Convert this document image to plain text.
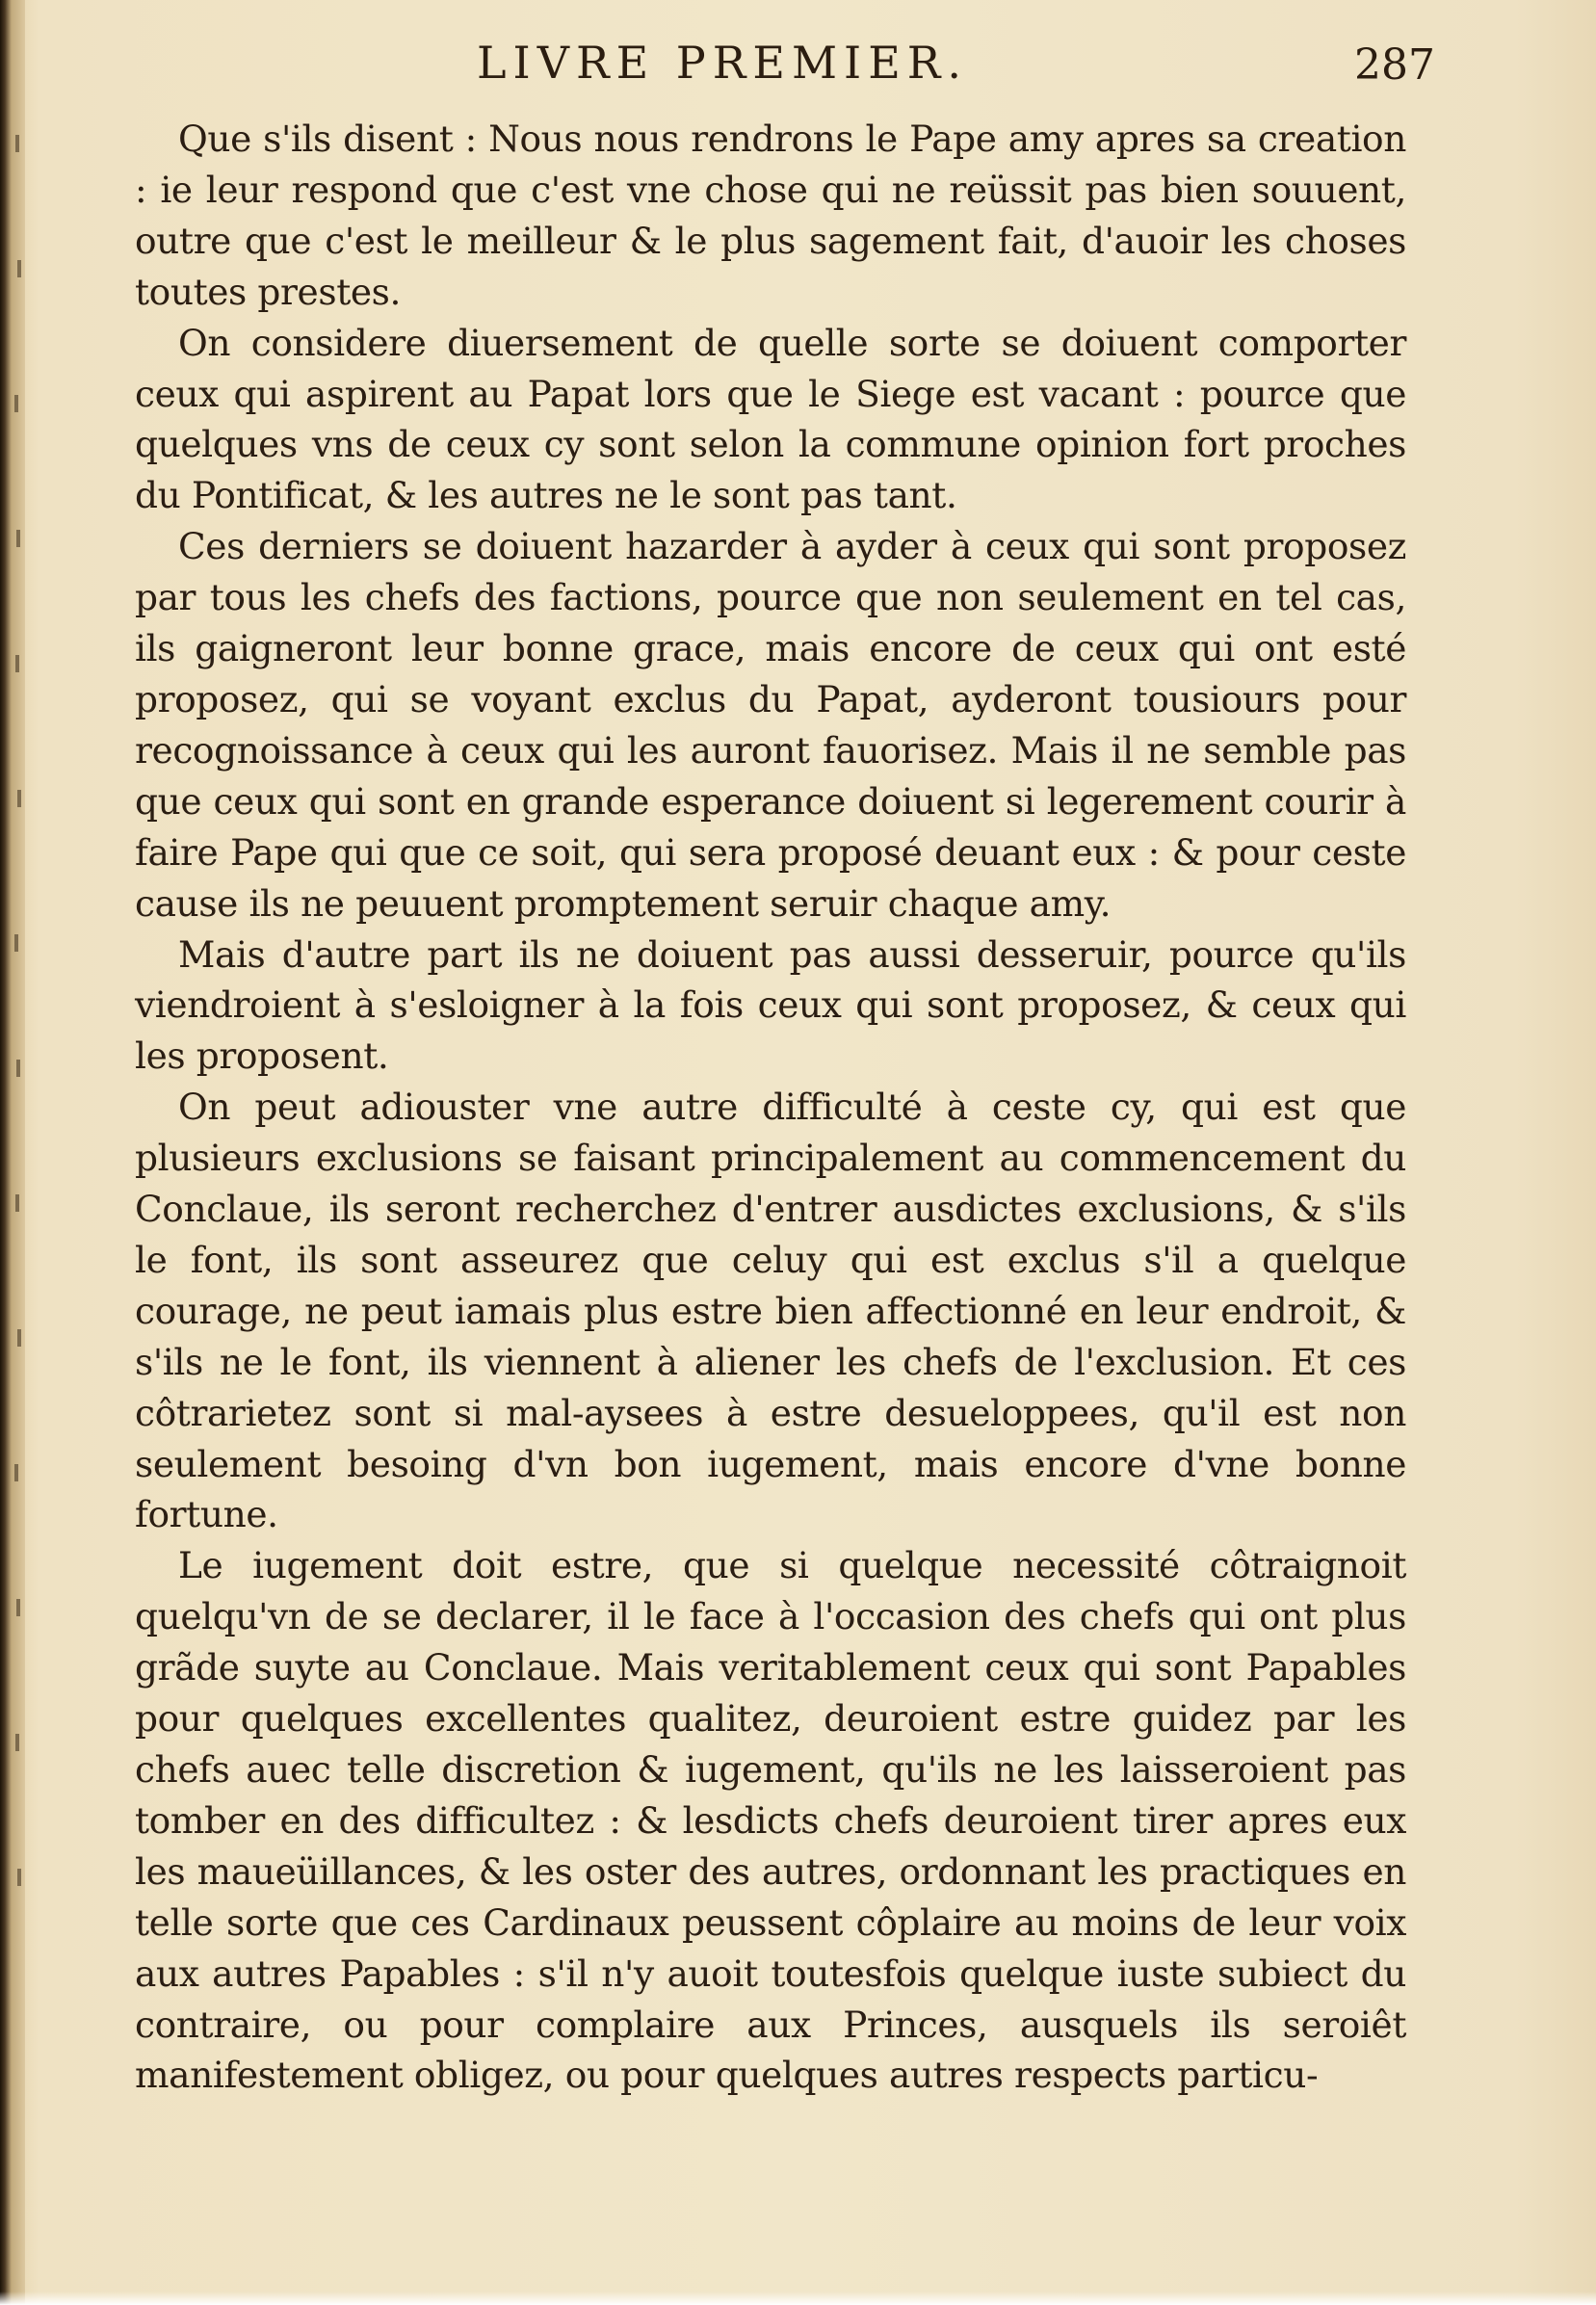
LIVRE PREMIER.	287

Que s'ils disent : Nous nous rendrons le Pape amy apres sa creation : ie leur respond que c'est vne chose qui ne reüssit pas bien souuent, outre que c'est le meilleur & le plus sagement fait, d'auoir les choses toutes prestes.

On considere diuersement de quelle sorte se doiuent comporter ceux qui aspirent au Papat lors que le Siege est vacant : pource que quelques vns de ceux cy sont selon la commune opinion fort proches du Pontificat, & les autres ne le sont pas tant.

Ces derniers se doiuent hazarder à ayder à ceux qui sont proposez par tous les chefs des factions, pource que non seulement en tel cas, ils gaigneront leur bonne grace, mais encore de ceux qui ont esté proposez, qui se voyant exclus du Papat, ayderont tousiours pour recognoissance à ceux qui les auront fauorisez. Mais il ne semble pas que ceux qui sont en grande esperance doiuent si legerement courir à faire Pape qui que ce soit, qui sera proposé deuant eux : & pour ceste cause ils ne peuuent promptement seruir chaque amy.

Mais d'autre part ils ne doiuent pas aussi desseruir, pource qu'ils viendroient à s'esloigner à la fois ceux qui sont proposez, & ceux qui les proposent.

On peut adiouster vne autre difficulté à ceste cy, qui est que plusieurs exclusions se faisant principalement au commencement du Conclaue, ils seront recherchez d'entrer ausdictes exclusions, & s'ils le font, ils sont asseurez que celuy qui est exclus s'il a quelque courage, ne peut iamais plus estre bien affectionné en leur endroit, & s'ils ne le font, ils viennent à aliener les chefs de l'exclusion. Et ces côtrarietez sont si mal-aysees à estre desueloppees, qu'il est non seulement besoing d'vn bon iugement, mais encore d'vne bonne fortune.

Le iugement doit estre, que si quelque necessité côtraignoit quelqu'vn de se declarer, il le face à l'occasion des chefs qui ont plus grãde suyte au Conclaue. Mais veritablement ceux qui sont Papables pour quelques excellentes qualitez, deuroient estre guidez par les chefs auec telle discretion & iugement, qu'ils ne les laisseroient pas tomber en des difficultez : & lesdicts chefs deuroient tirer apres eux les maueüillances, & les oster des autres, ordonnant les practiques en telle sorte que ces Cardinaux peussent côplaire au moins de leur voix aux autres Papables : s'il n'y auoit toutesfois quelque iuste subiect du contraire, ou pour complaire aux Princes, ausquels ils seroiêt manifestement obligez, ou pour quelques autres respects particu-
